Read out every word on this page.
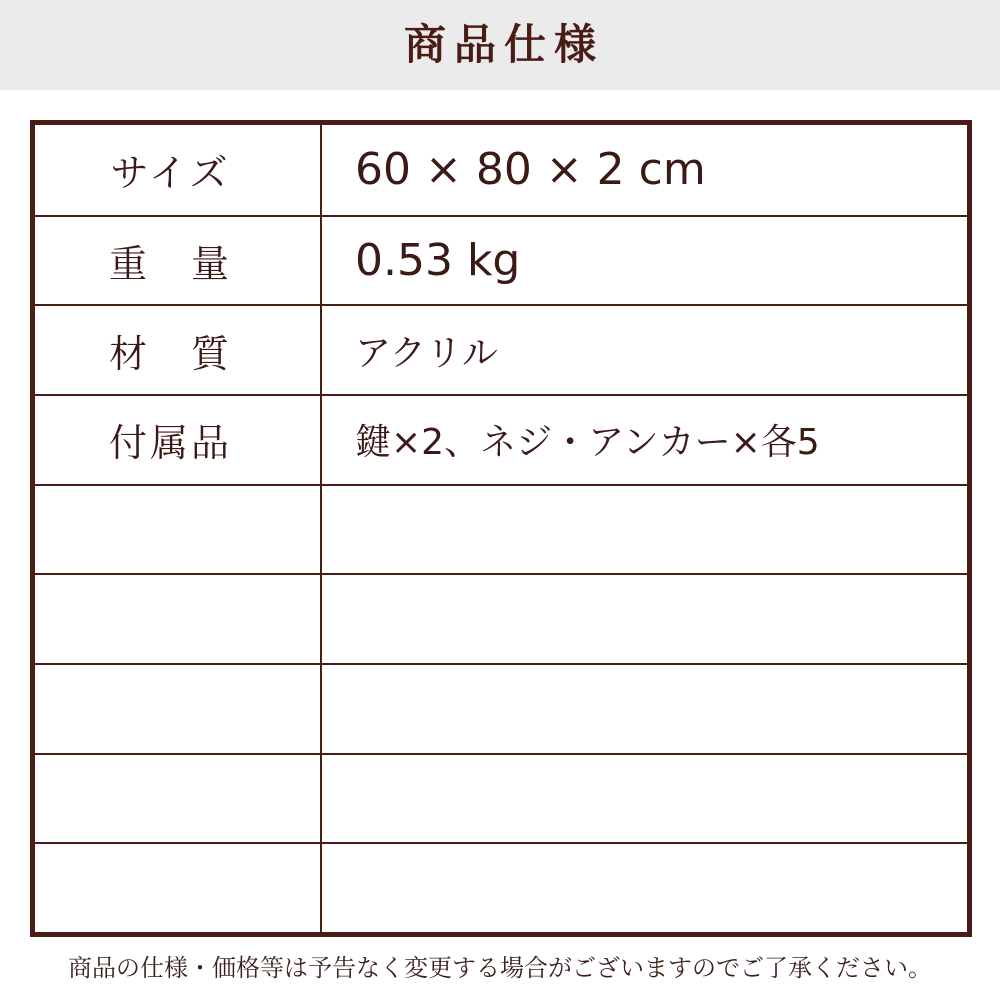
商品仕様
サイズ	60 × 80 × 2 cm
重　量	0.53 kg
材　質	アクリル
付属品	鍵×2、ネジ・アンカー×各5
商品の仕様・価格等は予告なく変更する場合がございますのでご了承ください。
